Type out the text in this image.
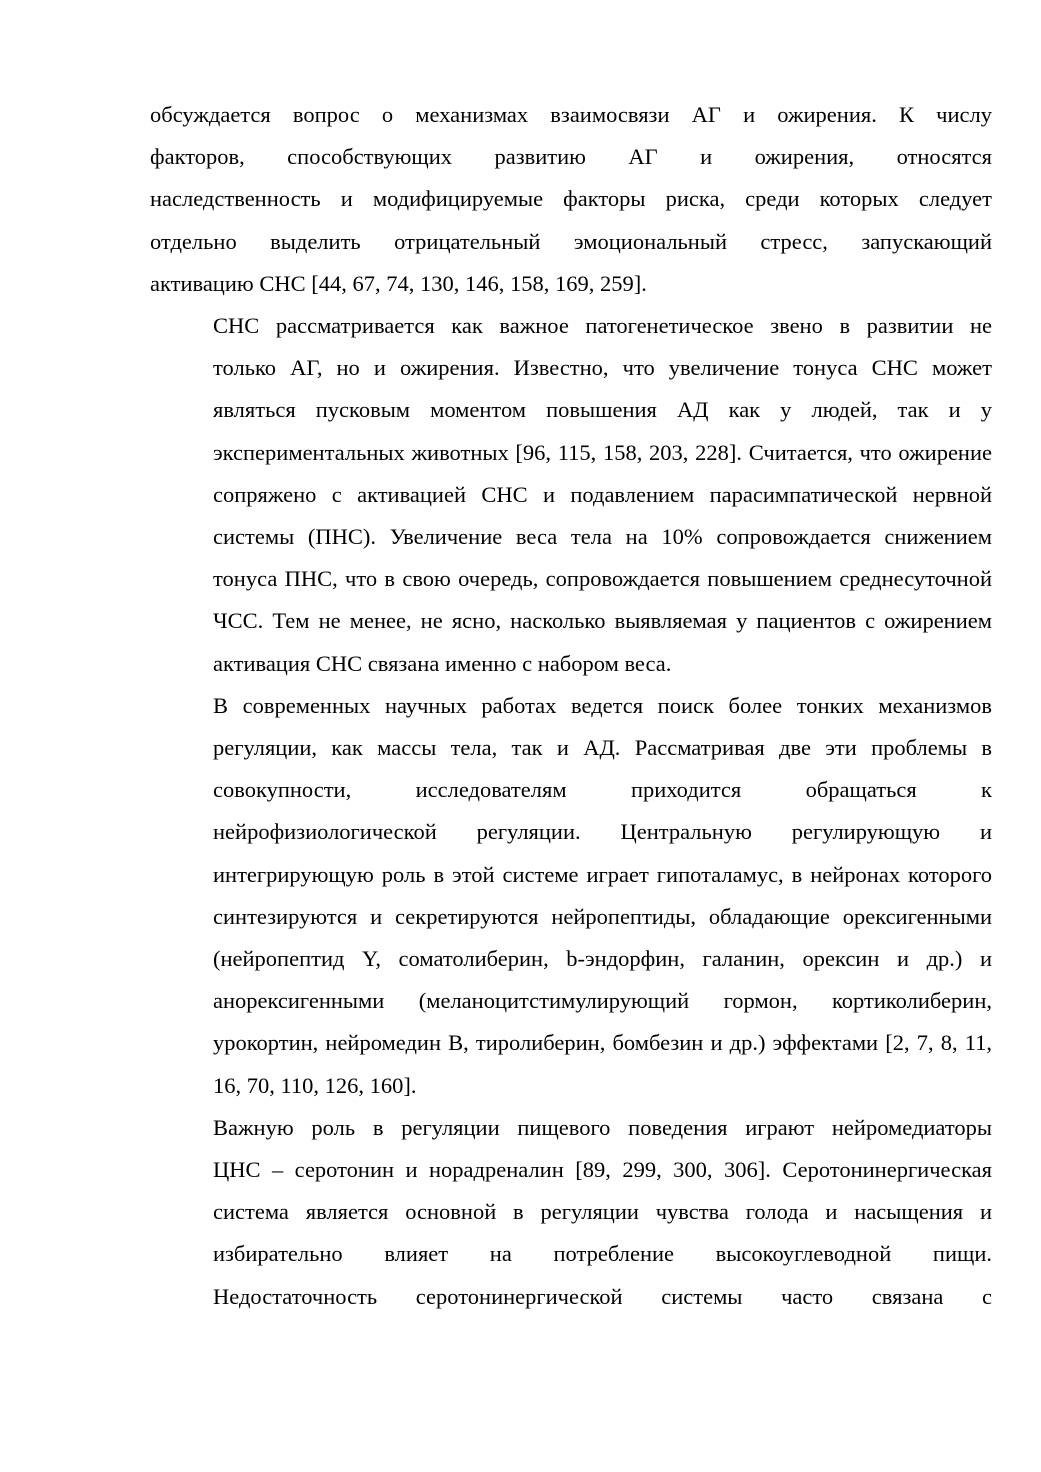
обсуждается вопрос о механизмах взаимосвязи АГ и ожирения. К числу
факторов, способствующих развитию АГ и ожирения, относятся
наследственность и модифицируемые факторы риска, среди которых следует
отдельно выделить отрицательный эмоциональный стресс, запускающий
активацию СНС [44, 67, 74, 130, 146, 158, 169, 259].

СНС рассматривается как важное патогенетическое звено в развитии не
только АГ, но и ожирения. Известно, что увеличение тонуса СНС может
являться пусковым моментом повышения АД как у людей, так и у
экспериментальных животных [96, 115, 158, 203, 228]. Считается, что ожирение
сопряжено с активацией СНС и подавлением парасимпатической нервной
системы (ПНС). Увеличение веса тела на 10% сопровождается снижением
тонуса ПНС, что в свою очередь, сопровождается повышением среднесуточной
ЧСС. Тем не менее, не ясно, насколько выявляемая у пациентов с ожирением
активация СНС связана именно с набором веса.

В современных научных работах ведется поиск более тонких механизмов
регуляции, как массы тела, так и АД. Рассматривая две эти проблемы в
совокупности, исследователям приходится обращаться к
нейрофизиологической регуляции. Центральную регулирующую и
интегрирующую роль в этой системе играет гипоталамус, в нейронах которого
синтезируются и секретируются нейропептиды, обладающие орексигенными
(нейропептид Y, соматолиберин, b-эндорфин, галанин, орексин и др.) и
анорексигенными (меланоцитстимулирующий гормон, кортиколиберин,
урокортин, нейромедин В, тиролиберин, бомбезин и др.) эффектами [2, 7, 8, 11,
16, 70, 110, 126, 160].

Важную роль в регуляции пищевого поведения играют нейромедиаторы
ЦНС – серотонин и норадреналин [89, 299, 300, 306]. Серотонинергическая
система является основной в регуляции чувства голода и насыщения и
избирательно влияет на потребление высокоуглеводной пищи.
Недостаточность серотонинергической системы часто связана с
